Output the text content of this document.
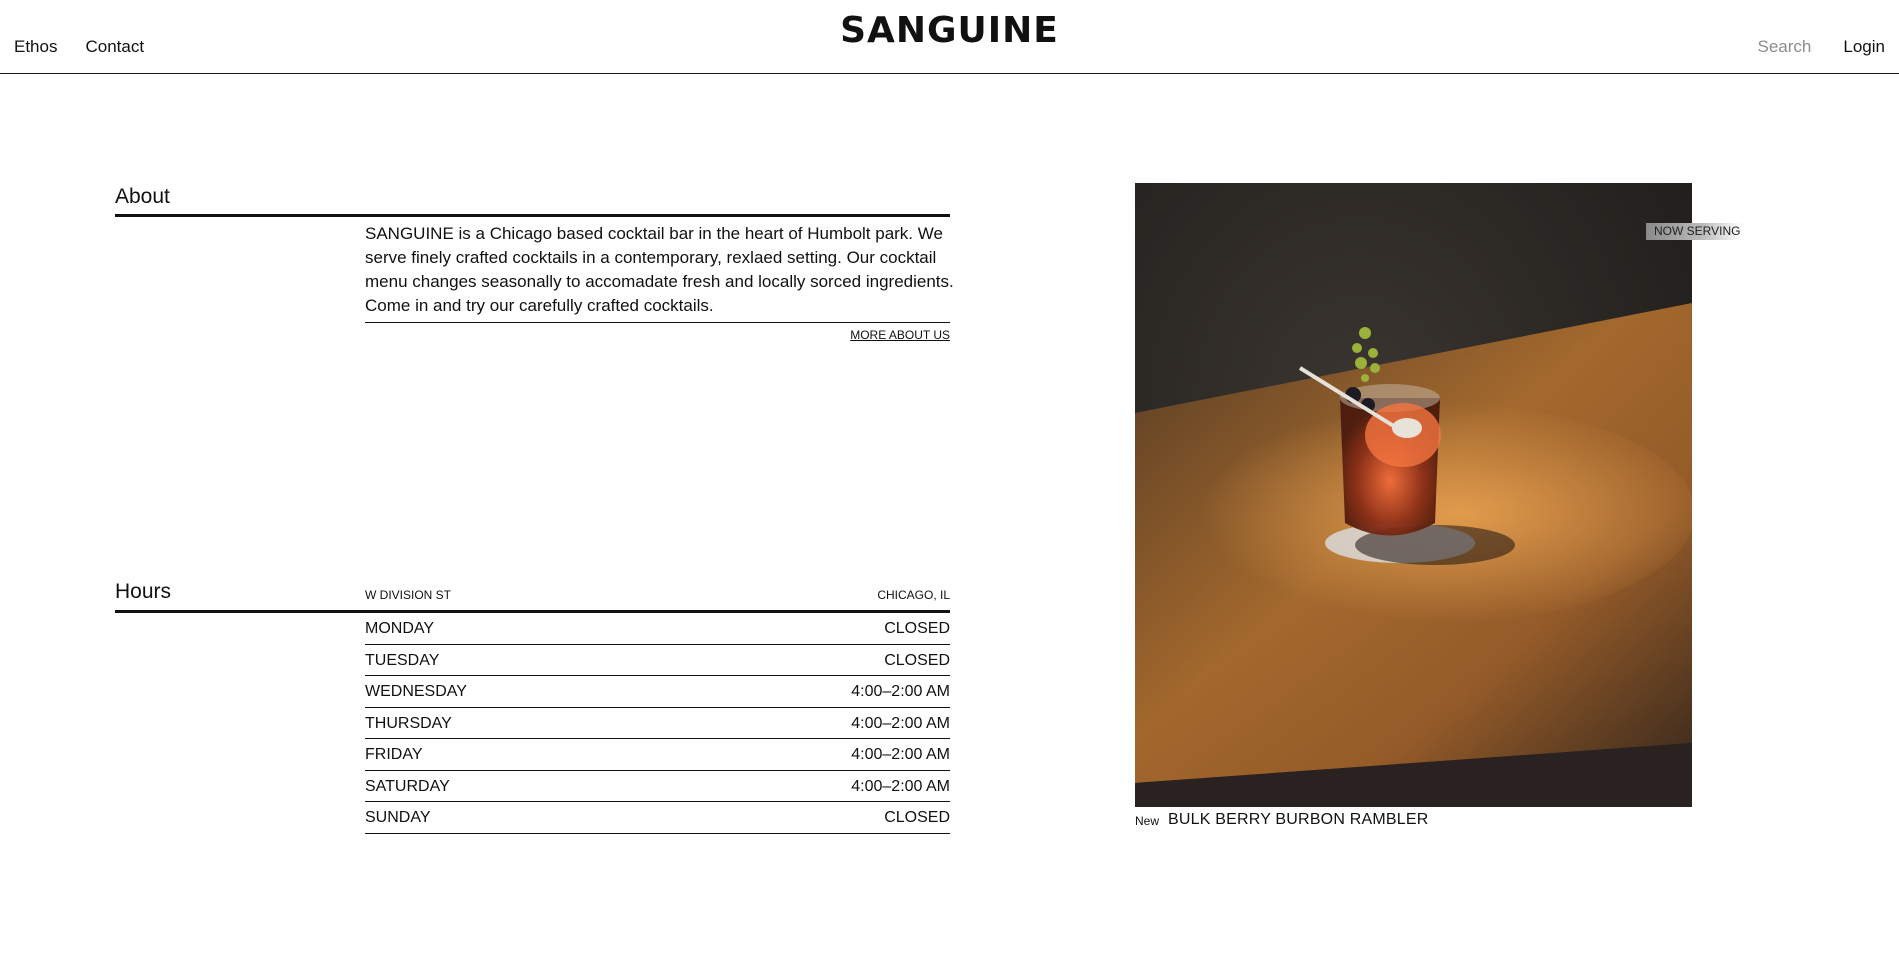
Ethos Contact	SANGUINE	Search Login
About

SANGUINE is a Chicago based cocktail bar in the heart of Humbolt park. We serve finely crafted cocktails in a contemporary, rexlaed setting. Our cocktail menu changes seasonally to accomadate fresh and locally sorced ingredients. Come in and try our carefully crafted cocktails.

MORE ABOUT US
Hours	W DIVISION ST	CHICAGO, IL
MONDAY	CLOSED
TUESDAY	CLOSED
WEDNESDAY	4:00–2:00 AM
THURSDAY	4:00–2:00 AM
FRIDAY	4:00–2:00 AM
SATURDAY	4:00–2:00 AM
SUNDAY	CLOSED
NOW SERVING
New BULK BERRY BURBON RAMBLER
